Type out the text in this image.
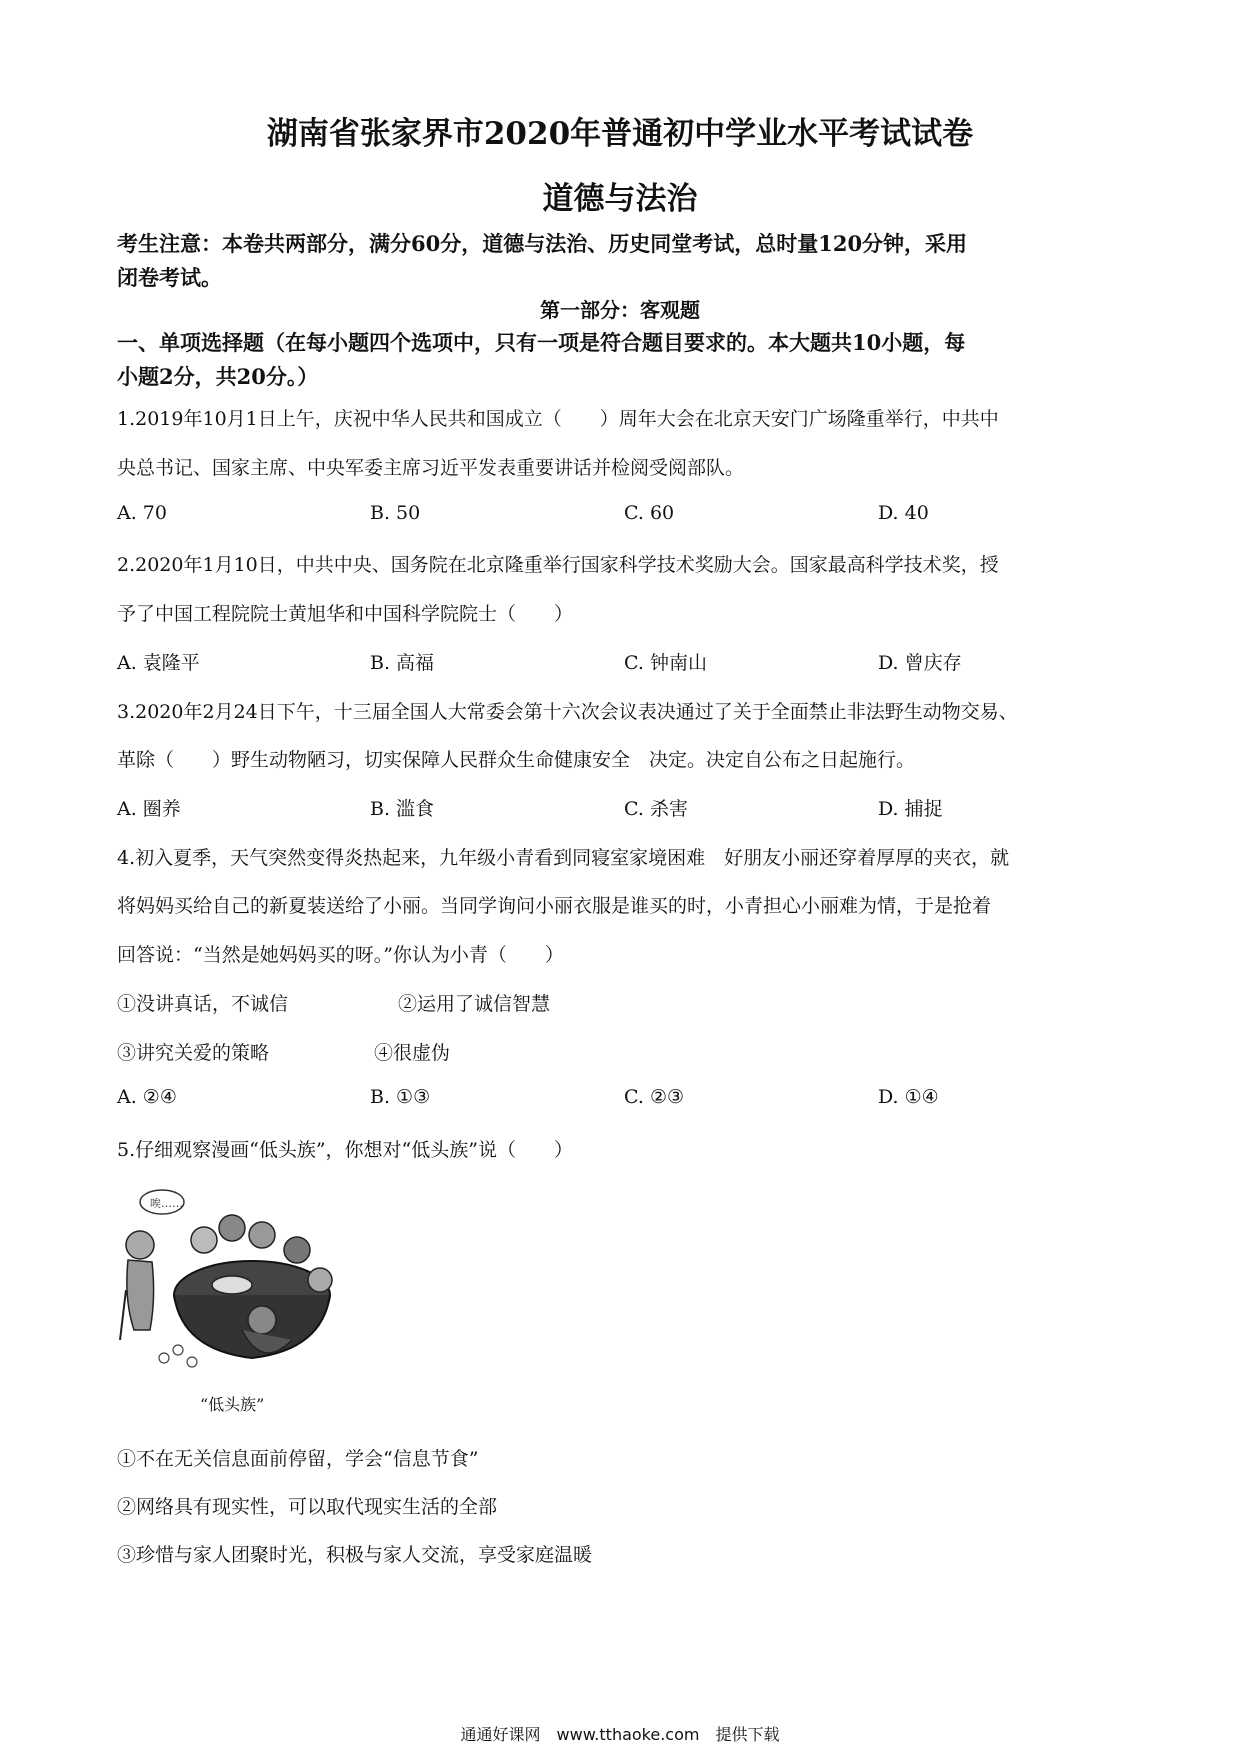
湖南省张家界市2020年普通初中学业水平考试试卷
道德与法治
考生注意：本卷共两部分，满分60分，道德与法治、历史同堂考试，总时量120分钟，采用
闭卷考试。
第一部分：客观题
一、单项选择题（在每小题四个选项中，只有一项是符合题目要求的。本大题共10小题，每
小题2分，共20分。）
1.2019年10月1日上午，庆祝中华人民共和国成立（　　）周年大会在北京天安门广场隆重举行，中共中
央总书记、国家主席、中央军委主席习近平发表重要讲话并检阅受阅部队。
A. 70	B. 50	C. 60	D. 40
2.2020年1月10日，中共中央、国务院在北京隆重举行国家科学技术奖励大会。国家最高科学技术奖，授
予了中国工程院院士黄旭华和中国科学院院士（　　）
A. 袁隆平	B. 高福	C. 钟南山	D. 曾庆存
3.2020年2月24日下午，十三届全国人大常委会第十六次会议表决通过了关于全面禁止非法野生动物交易、
革除（　　）野生动物陋习，切实保障人民群众生命健康安全　决定。决定自公布之日起施行。
A. 圈养	B. 滥食	C. 杀害	D. 捕捉
4.初入夏季，天气突然变得炎热起来，九年级小青看到同寝室家境困难　好朋友小丽还穿着厚厚的夹衣，就
将妈妈买给自己的新夏装送给了小丽。当同学询问小丽衣服是谁买的时，小青担心小丽难为情，于是抢着
回答说：“当然是她妈妈买的呀。”你认为小青（　　）
①没讲真话，不诚信	②运用了诚信智慧
③讲究关爱的策略	④很虚伪
A. ②④	B. ①③	C. ②③	D. ①④
5.仔细观察漫画“低头族”，你想对“低头族”说（　　）
唉……
“低头族”
①不在无关信息面前停留，学会“信息节食”
②网络具有现实性，可以取代现实生活的全部
③珍惜与家人团聚时光，积极与家人交流，享受家庭温暖
通通好课网　www.tthaoke.com　提供下载
